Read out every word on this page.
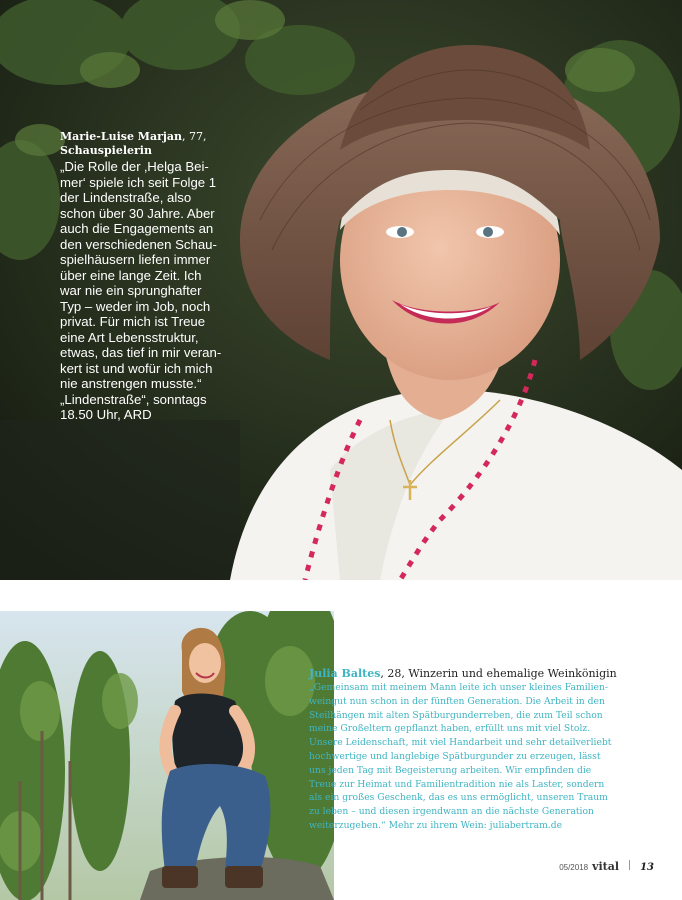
Marie-Luise Marjan, 77,
Schauspielerin
„Die Rolle der ‚Helga Bei-
mer‘ spiele ich seit Folge 1
der Lindenstraße, also
schon über 30 Jahre. Aber
auch die Engagements an
den verschiedenen Schau-
spielhäusern liefen immer
über eine lange Zeit. Ich
war nie ein sprunghafter
Typ – weder im Job, noch
privat. Für mich ist Treue
eine Art Lebensstruktur,
etwas, das tief in mir veran-
kert ist und wofür ich mich
nie anstrengen musste.“
„Lindenstraße“, sonntags
18.50 Uhr, ARD
Julia Baltes, 28, Winzerin und ehemalige Weinkönigin
„Gemeinsam mit meinem Mann leite ich unser kleines Familien-
weingut nun schon in der fünften Generation. Die Arbeit in den
Steilhängen mit alten Spätburgunderreben, die zum Teil schon
meine Großeltern gepflanzt haben, erfüllt uns mit viel Stolz.
Unsere Leidenschaft, mit viel Handarbeit und sehr detailverliebt
hochwertige und langlebige Spätburgunder zu erzeugen, lässt
uns jeden Tag mit Begeisterung arbeiten. Wir empfinden die
Treue zur Heimat und Familientradition nie als Laster, sondern
als ein großes Geschenk, das es uns ermöglicht, unseren Traum
zu leben – und diesen irgendwann an die nächste Generation
weiterzugeben.“ Mehr zu ihrem Wein: juliabertram.de
05/2018 vital 13
